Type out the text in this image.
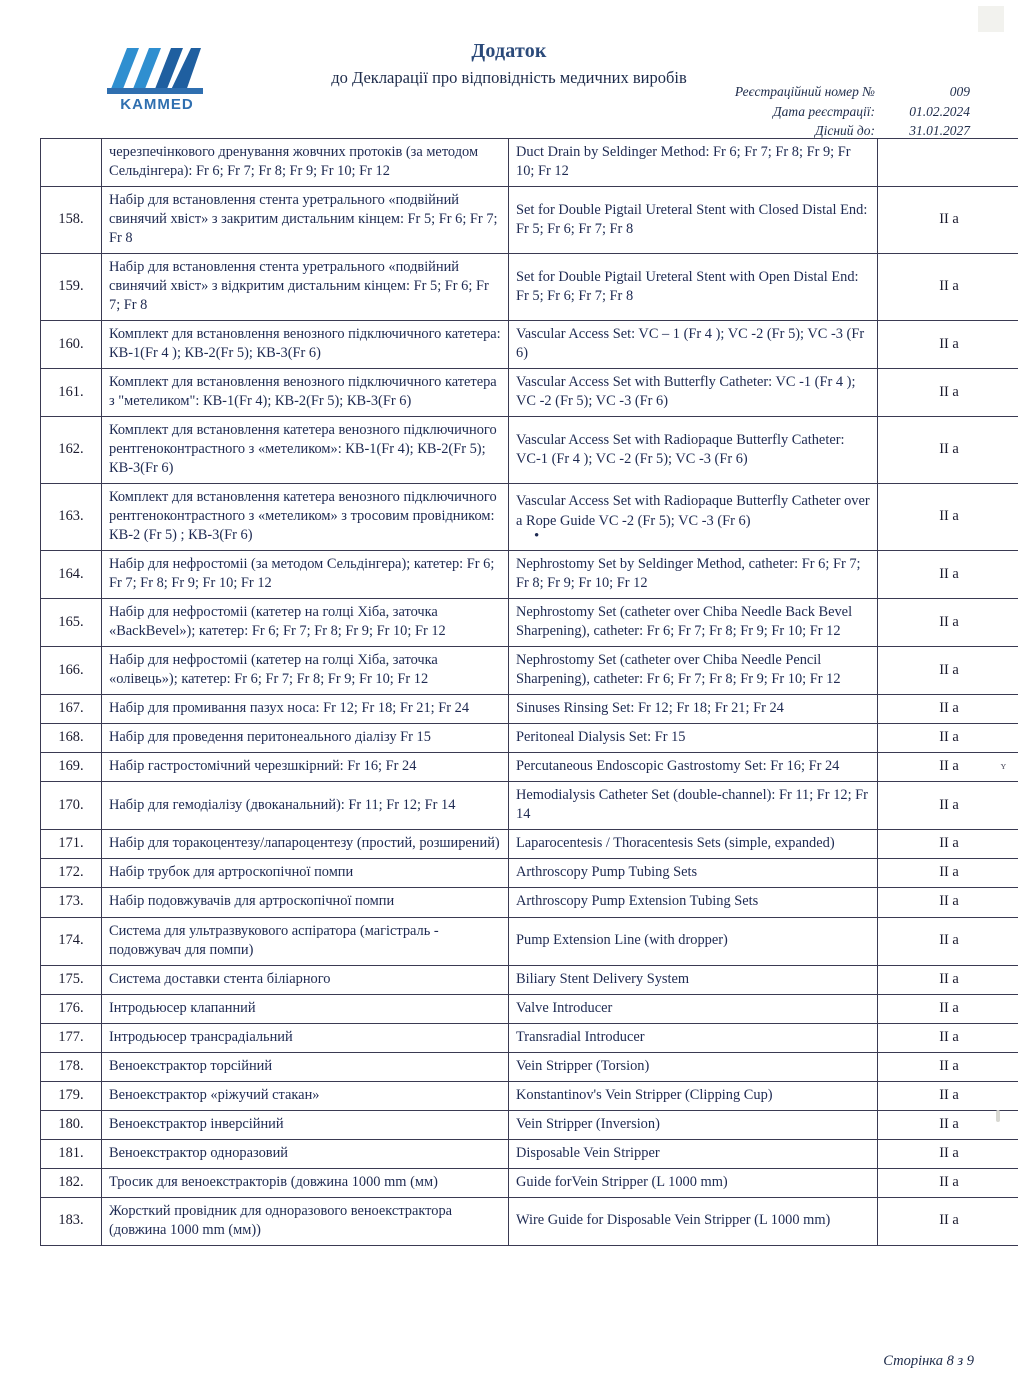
KAMMED
Додаток
до Декларації про відповідність медичних виробів
Реєстраційний номер №	009
Дата реєстрації:	01.02.2024
Дісний до:	31.01.2027
	черезпечінкового дренування жовчних протоків (за методом Сельдінгера): Fr 6; Fr 7; Fr 8; Fr 9; Fr 10; Fr 12	Duct Drain by Seldinger Method: Fr 6; Fr 7; Fr 8; Fr 9; Fr 10; Fr 12	
158.	Набір для встановлення стента уретрального «подвійний свинячий хвіст» з закритим дистальним кінцем: Fr 5; Fr 6; Fr 7; Fr 8	Set for Double Pigtail Ureteral Stent with Closed Distal End: Fr 5; Fr 6; Fr 7; Fr 8	II a
159.	Набір для встановлення стента уретрального «подвійний свинячий хвіст» з відкритим дистальним кінцем: Fr 5; Fr 6; Fr 7; Fr 8	Set for Double Pigtail Ureteral Stent with Open Distal End: Fr 5; Fr 6; Fr 7; Fr 8	II a
160.	Комплект для встановлення венозного підключичного катетера: КВ-1(Fr 4 ); КВ-2(Fr 5); КВ-3(Fr 6)	Vascular Access Set: VC – 1 (Fr 4 ); VC -2 (Fr 5); VC -3 (Fr 6)	II a
161.	Комплект для встановлення венозного підключичного катетера з "метеликом": КВ-1(Fr 4); КВ-2(Fr 5); КВ-3(Fr 6)	Vascular Access Set with Butterfly Catheter: VC -1 (Fr 4 ); VC -2 (Fr 5); VC -3 (Fr 6)	II a
162.	Комплект для встановлення катетера венозного підключичного рентгеноконтрастного з «метеликом»: КВ-1(Fr 4); КВ-2(Fr 5); КВ-3(Fr 6)	Vascular Access Set with Radiopaque Butterfly Catheter: VC-1 (Fr 4 ); VC -2 (Fr 5); VC -3 (Fr 6)	II a
163.	Комплект для встановлення катетера венозного підключичного рентгеноконтрастного з «метеликом» з тросовим провідником: КВ-2 (Fr 5) ; КВ-3(Fr 6)	Vascular Access Set with Radiopaque Butterfly Catheter over a Rope Guide VC -2 (Fr 5); VC -3 (Fr 6) •	II a
164.	Набір для нефростоміі (за методом Сельдінгера); катетер: Fr 6; Fr 7; Fr 8; Fr 9; Fr 10; Fr 12	Nephrostomy Set by Seldinger Method, catheter: Fr 6; Fr 7; Fr 8; Fr 9; Fr 10; Fr 12	II a
165.	Набір для нефростоміі (катетер на голці Хіба, заточка «BackBevel»); катетер: Fr 6; Fr 7; Fr 8; Fr 9; Fr 10; Fr 12	Nephrostomy Set (catheter over Chiba Needle Back Bevel Sharpening), catheter: Fr 6; Fr 7; Fr 8; Fr 9; Fr 10; Fr 12	II a
166.	Набір для нефростоміі (катетер на голці Хіба, заточка «олівець»); катетер: Fr 6; Fr 7; Fr 8; Fr 9; Fr 10; Fr 12	Nephrostomy Set (catheter over Chiba Needle Pencil Sharpening), catheter: Fr 6; Fr 7; Fr 8; Fr 9; Fr 10; Fr 12	II a
167.	Набір для промивання пазух носа: Fr 12; Fr 18; Fr 21; Fr 24	Sinuses Rinsing Set: Fr 12; Fr 18; Fr 21; Fr 24	II a
168.	Набір для проведення перитонеального діалізу Fr 15	Peritoneal Dialysis Set: Fr 15	II a
169.	Набір гастростомічний черезшкірний: Fr 16; Fr 24	Percutaneous Endoscopic Gastrostomy Set: Fr 16; Fr 24	II a
170.	Набір для гемодіалізу (двоканальний): Fr 11; Fr 12; Fr 14	Hemodialysis Catheter Set (double-channel): Fr 11; Fr 12; Fr 14	II a
171.	Набір для торакоцентезу/лапароцентезу (простий, розширений)	Laparocentesis / Thoracentesis Sets (simple, expanded)	II a
172.	Набір трубок для артроскопічної помпи	Arthroscopy Pump Tubing Sets	II a
173.	Набір подовжувачів для артроскопічної помпи	Arthroscopy Pump Extension Tubing Sets	II a
174.	Система для ультразвукового аспіратора (магістраль - подовжувач для помпи)	Pump Extension Line (with dropper)	II a
175.	Система доставки стента біліарного	Biliary Stent Delivery System	II a
176.	Інтродьюсер клапанний	Valve Introducer	II a
177.	Інтродьюсер трансрадіальний	Transradial Introducer	II a
178.	Веноекстрактор торсійний	Vein Stripper (Torsion)	II a
179.	Веноекстрактор «ріжучий стакан»	Konstantinov's Vein Stripper (Clipping Cup)	II a
180.	Веноекстрактор інверсійний	Vein Stripper (Inversion)	II a
181.	Веноекстрактор одноразовий	Disposable Vein Stripper	II a
182.	Тросик для веноекстракторів (довжина 1000 mm (мм)	Guide forVein Stripper (L 1000 mm)	II a
183.	Жорсткий провідник для одноразового веноекстрактора (довжина 1000 mm (мм))	Wire Guide for Disposable Vein Stripper (L 1000 mm)	II a
ʏ
Сторінка 8 з 9
